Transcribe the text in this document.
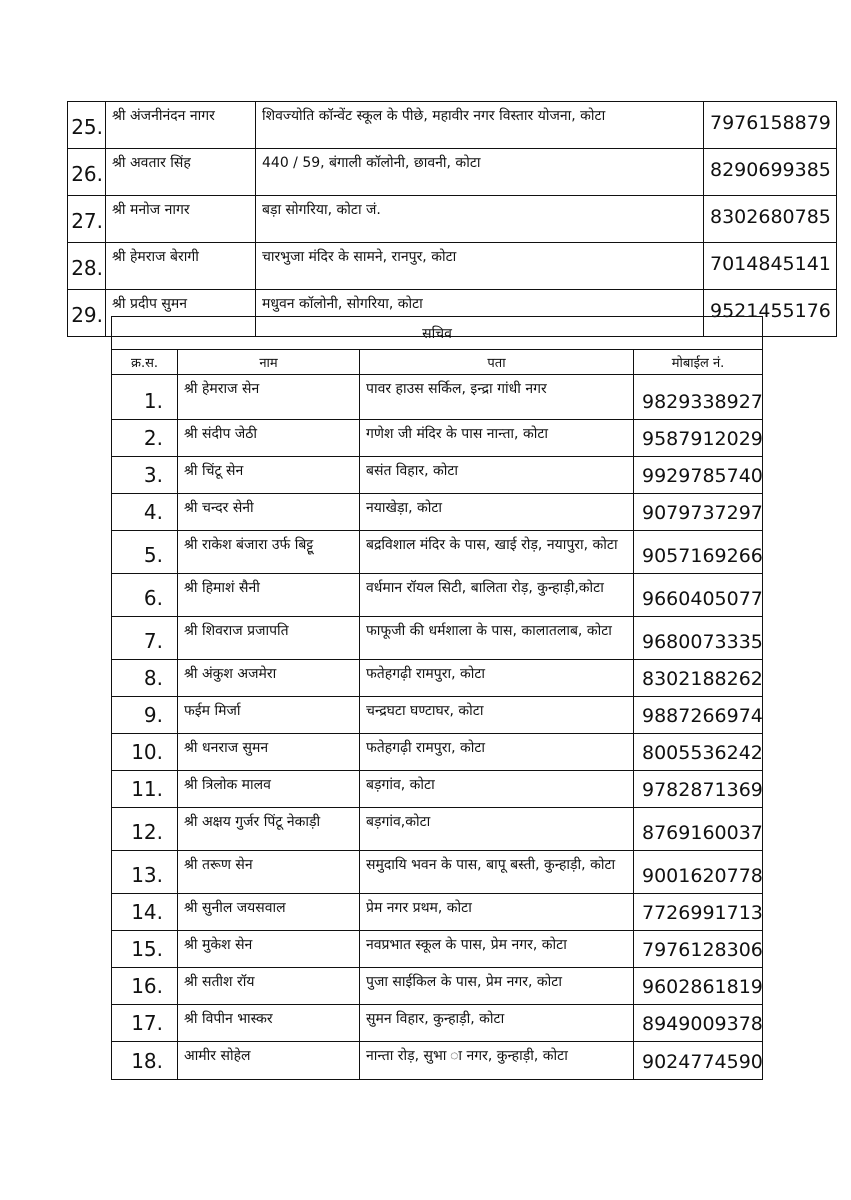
25.	श्री अंजनीनंदन नागर	शिवज्योति कॉन्वेंट स्कूल के पीछे, महावीर नगर विस्तार योजना, कोटा	7976158879
26.	श्री अवतार सिंह	440 / 59, बंगाली कॉलोनी, छावनी, कोटा	8290699385
27.	श्री मनोज नागर	बड़ा सोगरिया, कोटा जं.	8302680785
28.	श्री हेमराज बेरागी	चारभुजा मंदिर के सामने, रानपुर, कोटा	7014845141
29.	श्री प्रदीप सुमन	मधुवन कॉलोनी, सोगरिया, कोटा	9521455176
सचिव			
क्र.स.	नाम	पता	मोबाईल नं.
1.	श्री हेमराज सेन	पावर हाउस सर्किल, इन्द्रा गांधी नगर	9829338927
2.	श्री संदीप जेठी	गणेश जी मंदिर के पास नान्ता, कोटा	9587912029
3.	श्री चिंटू सेन	बसंत विहार, कोटा	9929785740
4.	श्री चन्दर सेनी	नयाखेड़ा, कोटा	9079737297
5.	श्री राकेश बंजारा उर्फ बिट्टू	बद्रविशाल मंदिर के पास, खाई रोड़, नयापुरा, कोटा	9057169266
6.	श्री हिमाशं सैनी	वर्धमान रॉयल सिटी, बालिता रोड़, कुन्हाड़ी,कोटा	9660405077
7.	श्री शिवराज प्रजापति	फाफूजी की धर्मशाला के पास, कालातलाब, कोटा	9680073335
8.	श्री अंकुश अजमेरा	फतेहगढ़ी रामपुरा, कोटा	8302188262
9.	फईम मिर्जा	चन्द्रघटा घण्टाघर, कोटा	9887266974
10.	श्री धनराज सुमन	फतेहगढ़ी रामपुरा, कोटा	8005536242
11.	श्री त्रिलोक मालव	बड़गांव, कोटा	9782871369
12.	श्री अक्षय गुर्जर पिंटू नेकाड़ी	बड़गांव,कोटा	8769160037
13.	श्री तरूण सेन	समुदायि भवन के पास, बापू बस्ती, कुन्हाड़ी, कोटा	9001620778
14.	श्री सुनील जयसवाल	प्रेम नगर प्रथम, कोटा	7726991713
15.	श्री मुकेश सेन	नवप्रभात स्कूल के पास, प्रेम नगर, कोटा	7976128306
16.	श्री सतीश रॉय	पुजा साईकिल के पास, प्रेम नगर, कोटा	9602861819
17.	श्री विपीन भास्कर	सुमन विहार, कुन्हाड़ी, कोटा	8949009378
18.	आमीर सोहेल	नान्ता रोड़, सुभा ा नगर, कुन्हाड़ी, कोटा	9024774590
